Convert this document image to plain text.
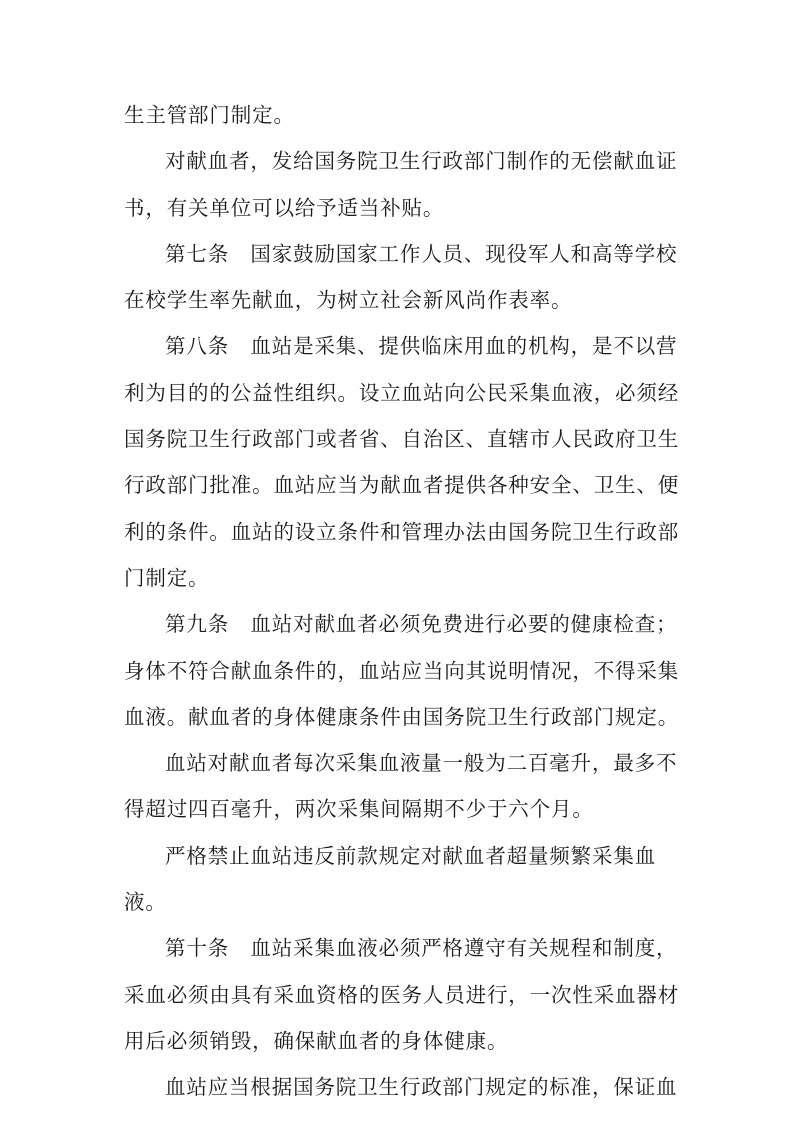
生主管部门制定。
对献血者，发给国务院卫生行政部门制作的无偿献血证
书，有关单位可以给予适当补贴。
第七条　国家鼓励国家工作人员、现役军人和高等学校
在校学生率先献血，为树立社会新风尚作表率。
第八条　血站是采集、提供临床用血的机构，是不以营
利为目的的公益性组织。设立血站向公民采集血液，必须经
国务院卫生行政部门或者省、自治区、直辖市人民政府卫生
行政部门批准。血站应当为献血者提供各种安全、卫生、便
利的条件。血站的设立条件和管理办法由国务院卫生行政部
门制定。
第九条　血站对献血者必须免费进行必要的健康检查；
身体不符合献血条件的，血站应当向其说明情况，不得采集
血液。献血者的身体健康条件由国务院卫生行政部门规定。
血站对献血者每次采集血液量一般为二百毫升，最多不
得超过四百毫升，两次采集间隔期不少于六个月。
严格禁止血站违反前款规定对献血者超量频繁采集血
液。
第十条　血站采集血液必须严格遵守有关规程和制度，
采血必须由具有采血资格的医务人员进行，一次性采血器材
用后必须销毁，确保献血者的身体健康。
血站应当根据国务院卫生行政部门规定的标准，保证血
